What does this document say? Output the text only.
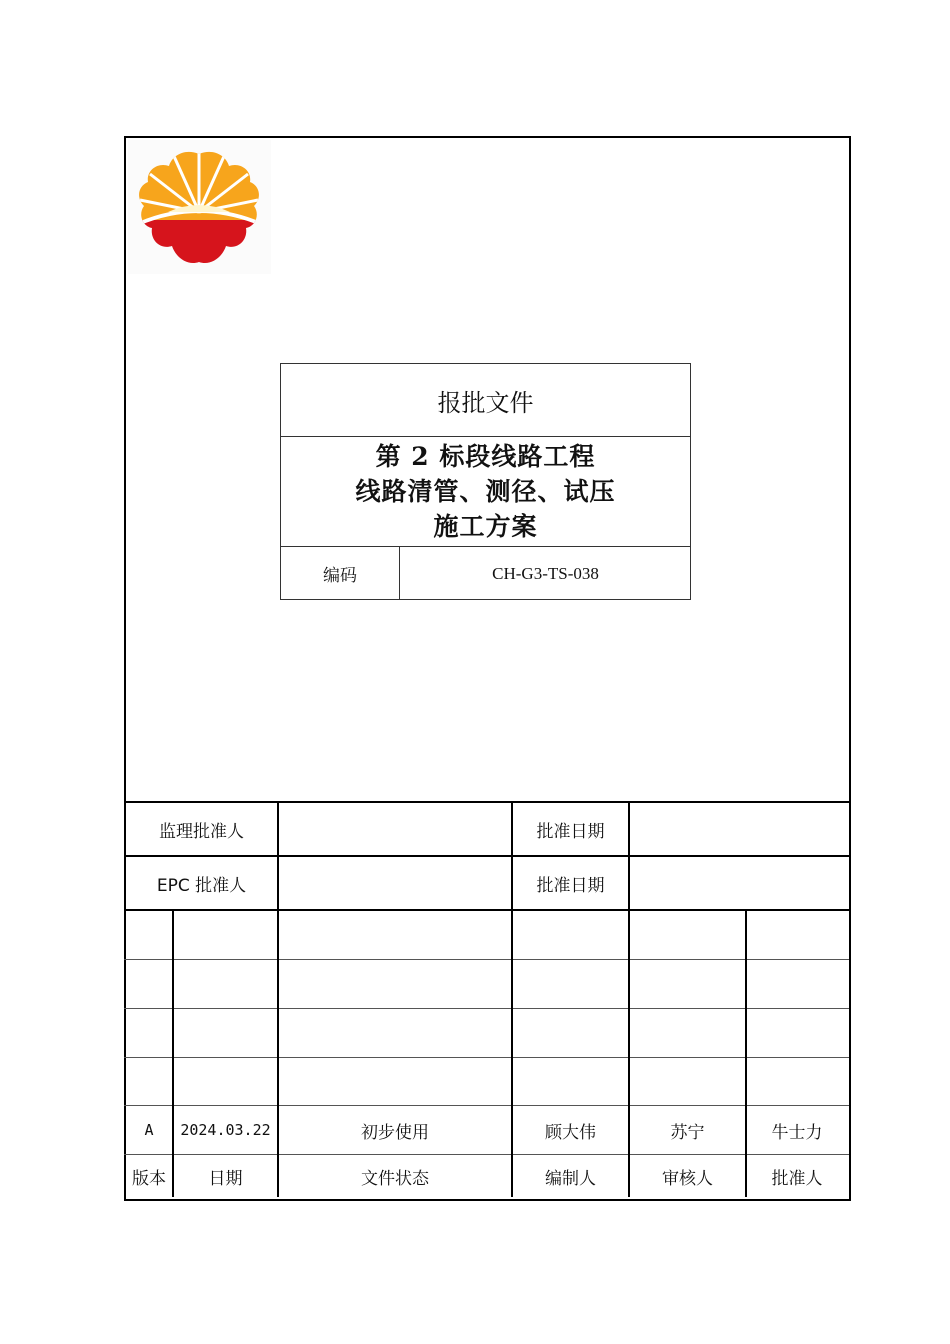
报批文件
第 2 标段线路工程
线路清管、测径、试压
施工方案
编码	CH-G3-TS-038
监理批准人	批准日期
EPC 批准人	批准日期
A	2024.03.22	初步使用	顾大伟	苏宁	牛士力
版本	日期	文件状态	编制人	审核人	批准人
